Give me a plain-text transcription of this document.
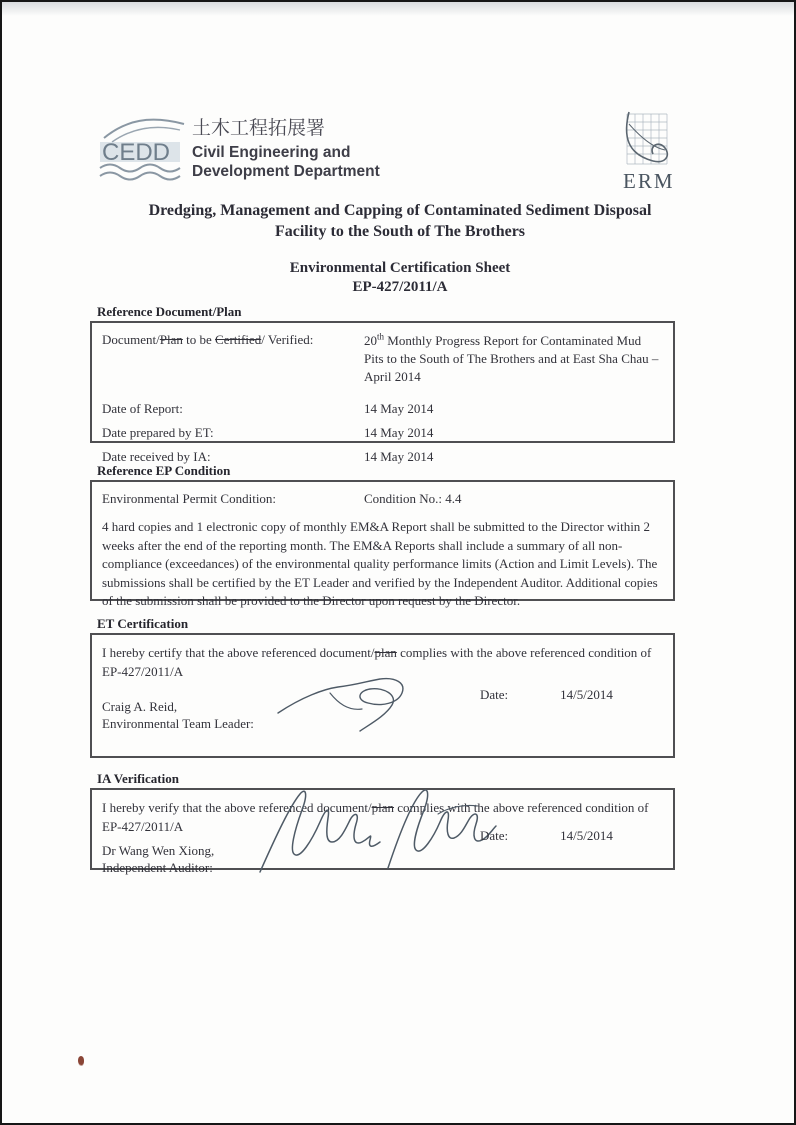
CEDD
土木工程拓展署
Civil Engineering and
Development Department	ERM
Dredging, Management and Capping of Contaminated Sediment Disposal
Facility to the South of The Brothers
Environmental Certification Sheet
EP-427/2011/A
Reference Document/Plan
Document/Plan to be Certified/ Verified:	20th Monthly Progress Report for Contaminated Mud Pits to the South of The Brothers and at East Sha Chau – April 2014
Date of Report:	14 May 2014
Date prepared by ET:	14 May 2014
Date received by IA:	14 May 2014
Reference EP Condition
Environmental Permit Condition:	Condition No.: 4.4
4 hard copies and 1 electronic copy of monthly EM&A Report shall be submitted to the Director within 2 weeks after the end of the reporting month. The EM&A Reports shall include a summary of all non-compliance (exceedances) of the environmental quality performance limits (Action and Limit Levels). The submissions shall be certified by the ET Leader and verified by the Independent Auditor. Additional copies of the submission shall be provided to the Director upon request by the Director.
ET Certification
I hereby certify that the above referenced document/plan complies with the above referenced condition of
EP-427/2011/A
Craig A. Reid,
Environmental Team Leader:
Date:	14/5/2014
IA Verification
I hereby verify that the above referenced document/plan complies with the above referenced condition of
EP-427/2011/A
Dr Wang Wen Xiong,
Independent Auditor:
Date:	14/5/2014
